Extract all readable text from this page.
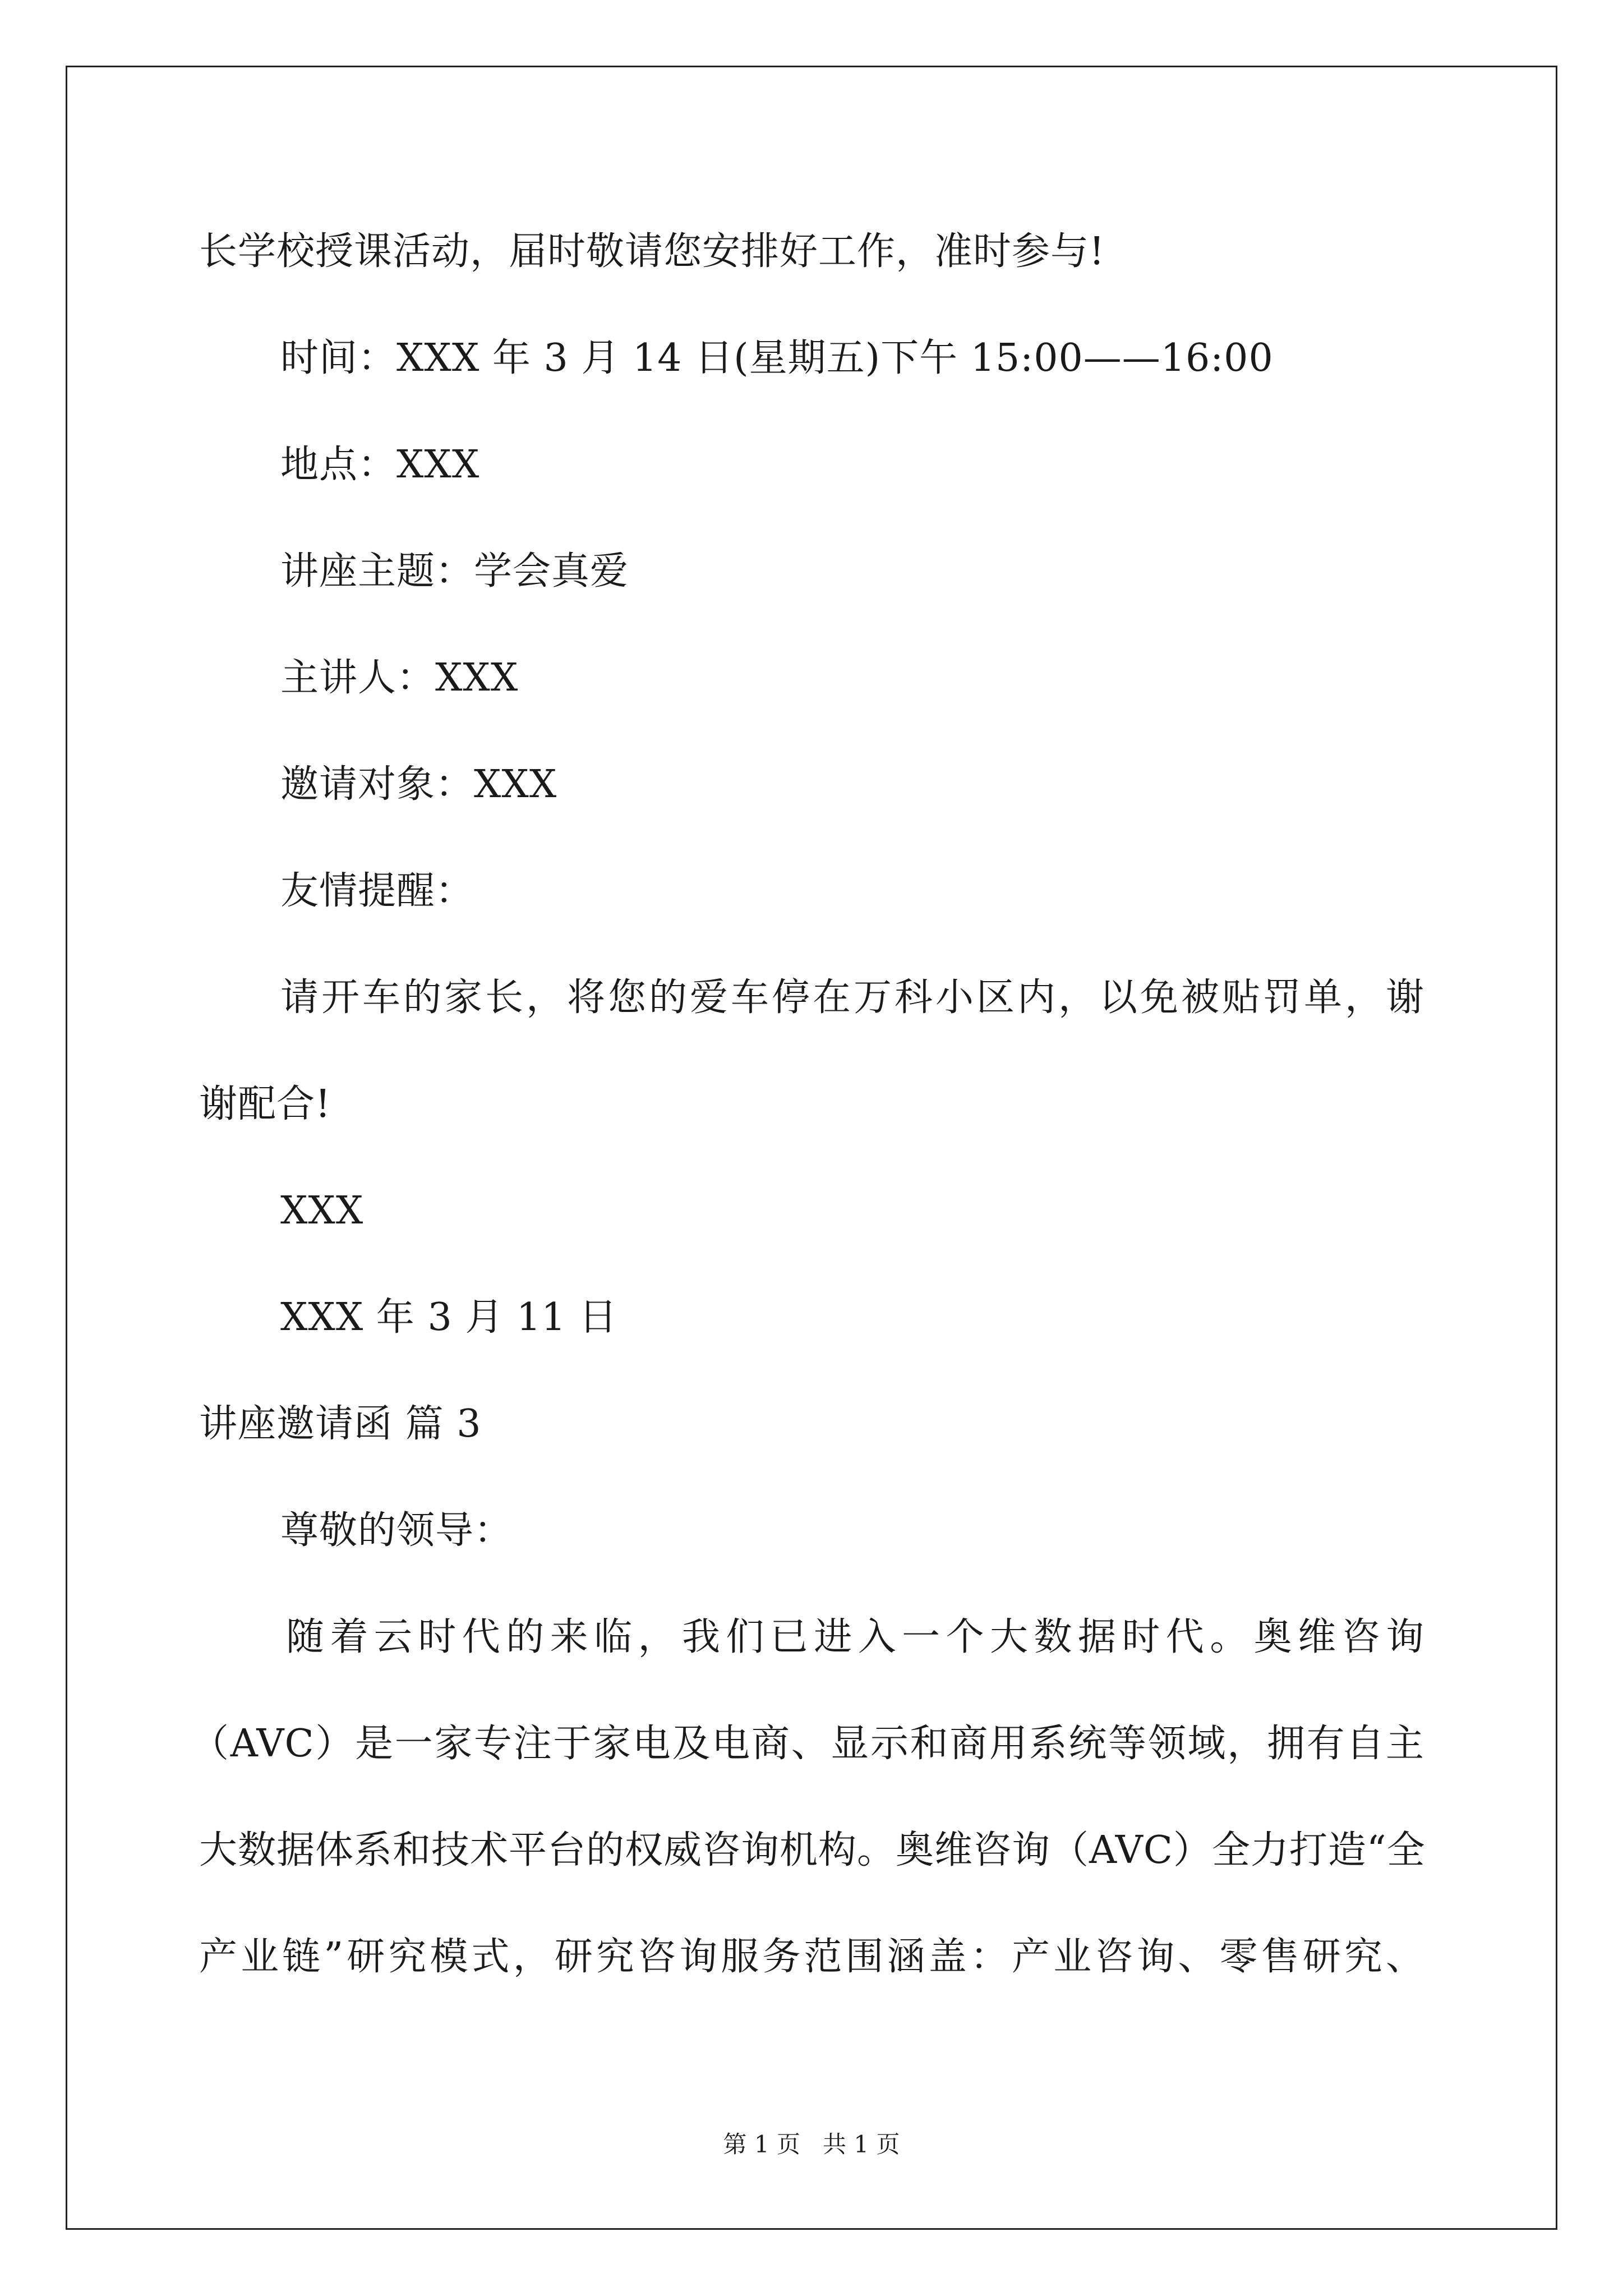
长学校授课活动，届时敬请您安排好工作，准时参与!
时间：XXX 年 3 月 14 日(星期五)下午 15:00——16:00
地点：XXX
讲座主题：学会真爱
主讲人：XXX
邀请对象：XXX
友情提醒：
请开车的家长，将您的爱车停在万科小区内，以免被贴罚单，谢
谢配合!
XXX
XXX 年 3 月 11 日
讲座邀请函 篇 3
尊敬的领导：
随着云时代的来临，我们已进入一个大数据时代。奥维咨询
（AVC）是一家专注于家电及电商、显示和商用系统等领域，拥有自主
大数据体系和技术平台的权威咨询机构。奥维咨询（AVC）全力打造“全
产业链”研究模式，研究咨询服务范围涵盖：产业咨询、零售研究、
第 1 页   共 1 页
